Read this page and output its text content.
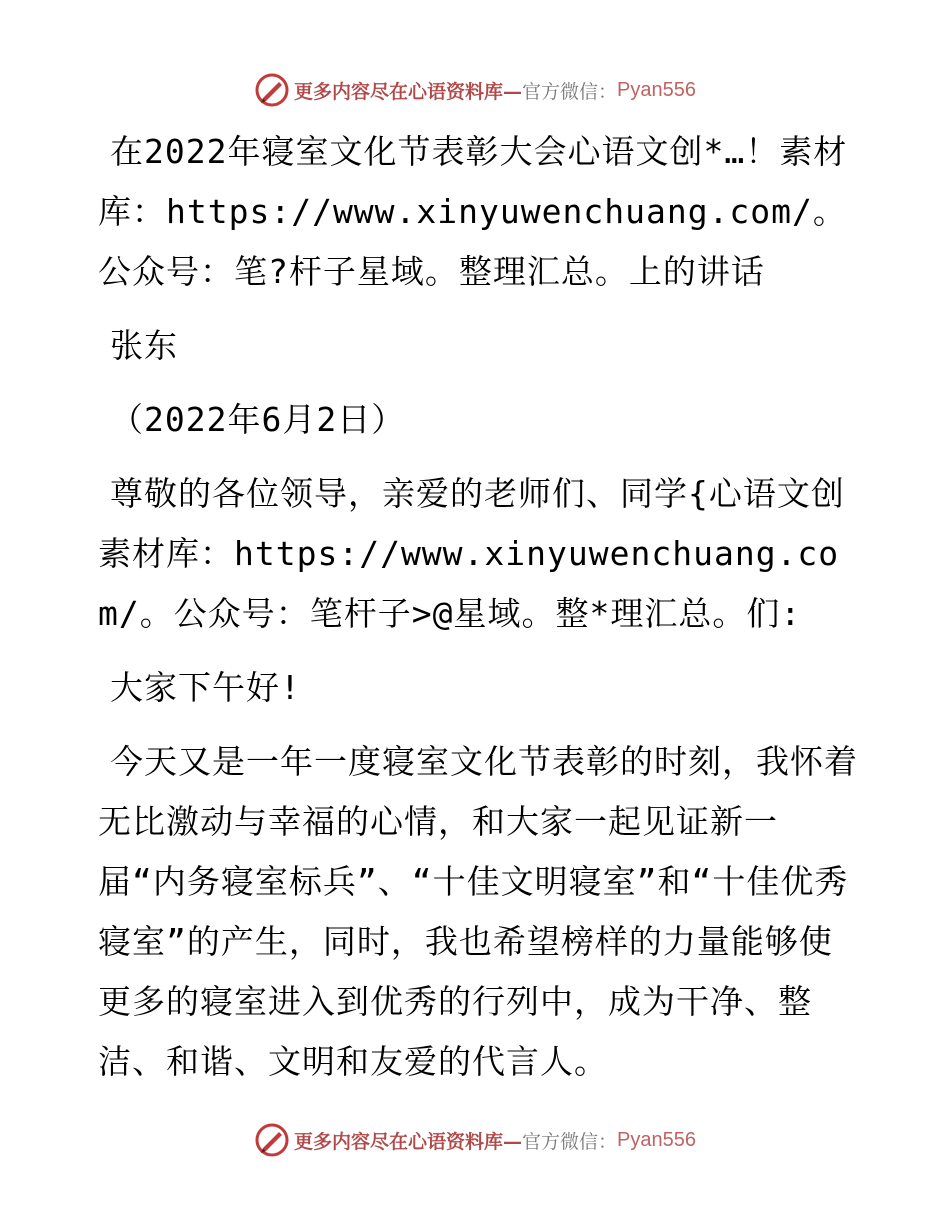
更多内容尽在心语资料库— 官方微信： Pyan556

在2022年寝室文化节表彰大会心语文创*…！素材库：https://www.xinyuwenchuang.com/。公众号：笔?杆子星域。整理汇总。上的讲话

张东

（2022年6月2日）

尊敬的各位领导，亲爱的老师们、同学{心语文创素材库：https://www.xinyuwenchuang.com/。公众号：笔杆子>@星域。整*理汇总。们:

大家下午好!

今天又是一年一度寝室文化节表彰的时刻，我怀着无比激动与幸福的心情，和大家一起见证新一届“内务寝室标兵”、“十佳文明寝室”和“十佳优秀寝室”的产生，同时，我也希望榜样的力量能够使更多的寝室进入到优秀的行列中，成为干净、整洁、和谐、文明和友爱的代言人。

更多内容尽在心语资料库— 官方微信： Pyan556
